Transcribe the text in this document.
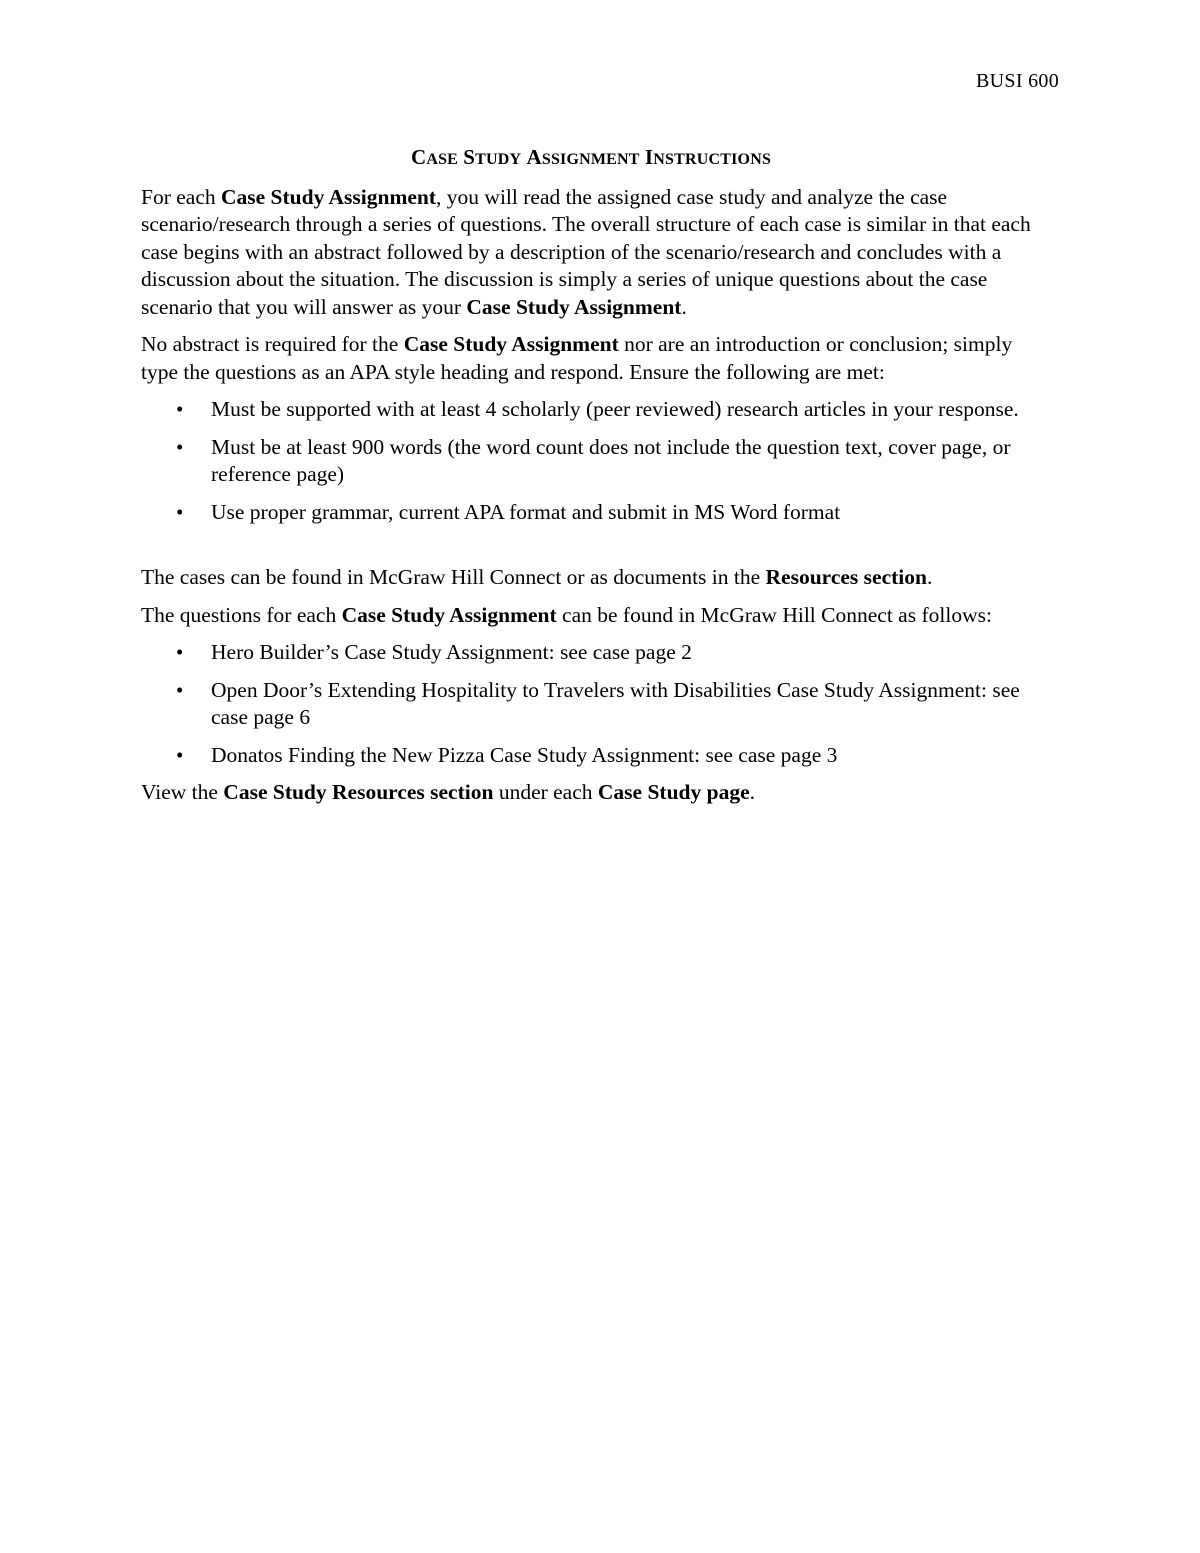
BUSI 600
CASE STUDY ASSIGNMENT INSTRUCTIONS

For each Case Study Assignment, you will read the assigned case study and analyze the case scenario/research through a series of questions. The overall structure of each case is similar in that each case begins with an abstract followed by a description of the scenario/research and concludes with a discussion about the situation. The discussion is simply a series of unique questions about the case scenario that you will answer as your Case Study Assignment.

No abstract is required for the Case Study Assignment nor are an introduction or conclusion; simply type the questions as an APA style heading and respond. Ensure the following are met:

• Must be supported with at least 4 scholarly (peer reviewed) research articles in your response.
• Must be at least 900 words (the word count does not include the question text, cover page, or reference page)
• Use proper grammar, current APA format and submit in MS Word format

The cases can be found in McGraw Hill Connect or as documents in the Resources section.

The questions for each Case Study Assignment can be found in McGraw Hill Connect as follows:

• Hero Builder’s Case Study Assignment: see case page 2
• Open Door’s Extending Hospitality to Travelers with Disabilities Case Study Assignment: see case page 6
• Donatos Finding the New Pizza Case Study Assignment: see case page 3

View the Case Study Resources section under each Case Study page.
